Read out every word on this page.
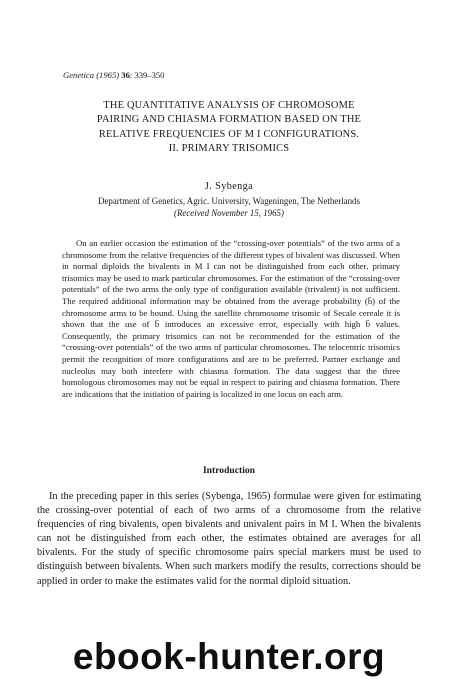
Genetica (1965) 36: 339–350
THE QUANTITATIVE ANALYSIS OF CHROMOSOME
PAIRING AND CHIASMA FORMATION BASED ON THE
RELATIVE FREQUENCIES OF M I CONFIGURATIONS.
II. PRIMARY TRISOMICS
J. Sybenga
Department of Genetics, Agric. University, Wageningen, The Netherlands
(Received November 15, 1965)

On an earlier occasion the estimation of the “crossing-over potentials” of the two arms of a chromosome from the relative frequencies of the different types of bivalent was discussed. When in normal diploids the bivalents in M I can not be distinguished from each other, primary trisomics may be used to mark particular chromosomes. For the estimation of the “crossing-over potentials” of the two arms the only type of configuration available (trivalent) is not sufficient. The required additional information may be obtained from the average probability (b̄) of the chromosome arms to be bound. Using the satellite chromosome trisomic of Secale cereale it is shown that the use of b̄ introduces an excessive error, especially with high b̄ values. Consequently, the primary trisomics can not be recommended for the estimation of the “crossing-over potentials” of the two arms of particular chromosomes. The telocentric trisomics permit the recognition of more configurations and are to be preferred. Partner exchange and nucleolus may both interfere with chiasma formation. The data suggest that the three homologous chromosomes may not be equal in respect to pairing and chiasma formation. There are indications that the initiation of pairing is localized in one locus on each arm.

Introduction

In the preceding paper in this series (Sybenga, 1965) formulae were given for estimating the crossing-over potential of each of two arms of a chromosome from the relative frequencies of ring bivalents, open bivalents and univalent pairs in M I. When the bivalents can not be distinguished from each other, the estimates obtained are averages for all bivalents. For the study of specific chromosome pairs special markers must be used to distinguish between bivalents. When such markers modify the results, corrections should be applied in order to make the estimates valid for the normal diploid situation.

ebook-hunter.org
